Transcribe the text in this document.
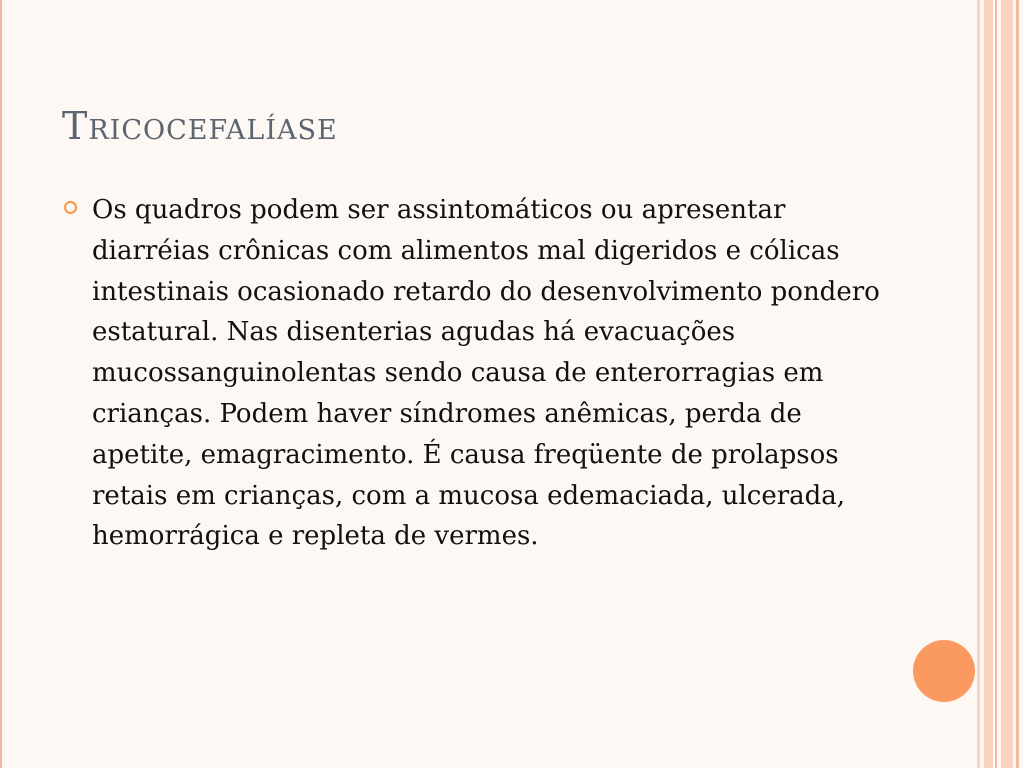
Tricocefalíase

Os quadros podem ser assintomáticos ou apresentar diarréias crônicas com alimentos mal digeridos e cólicas intestinais ocasionado retardo do desenvolvimento pondero estatural. Nas disenterias agudas há evacuações mucossanguinolentas sendo causa de enterorragias em crianças. Podem haver síndromes anêmicas, perda de apetite, emagracimento. É causa freqüente de prolapsos retais em crianças, com a mucosa edemaciada, ulcerada, hemorrágica e repleta de vermes.
